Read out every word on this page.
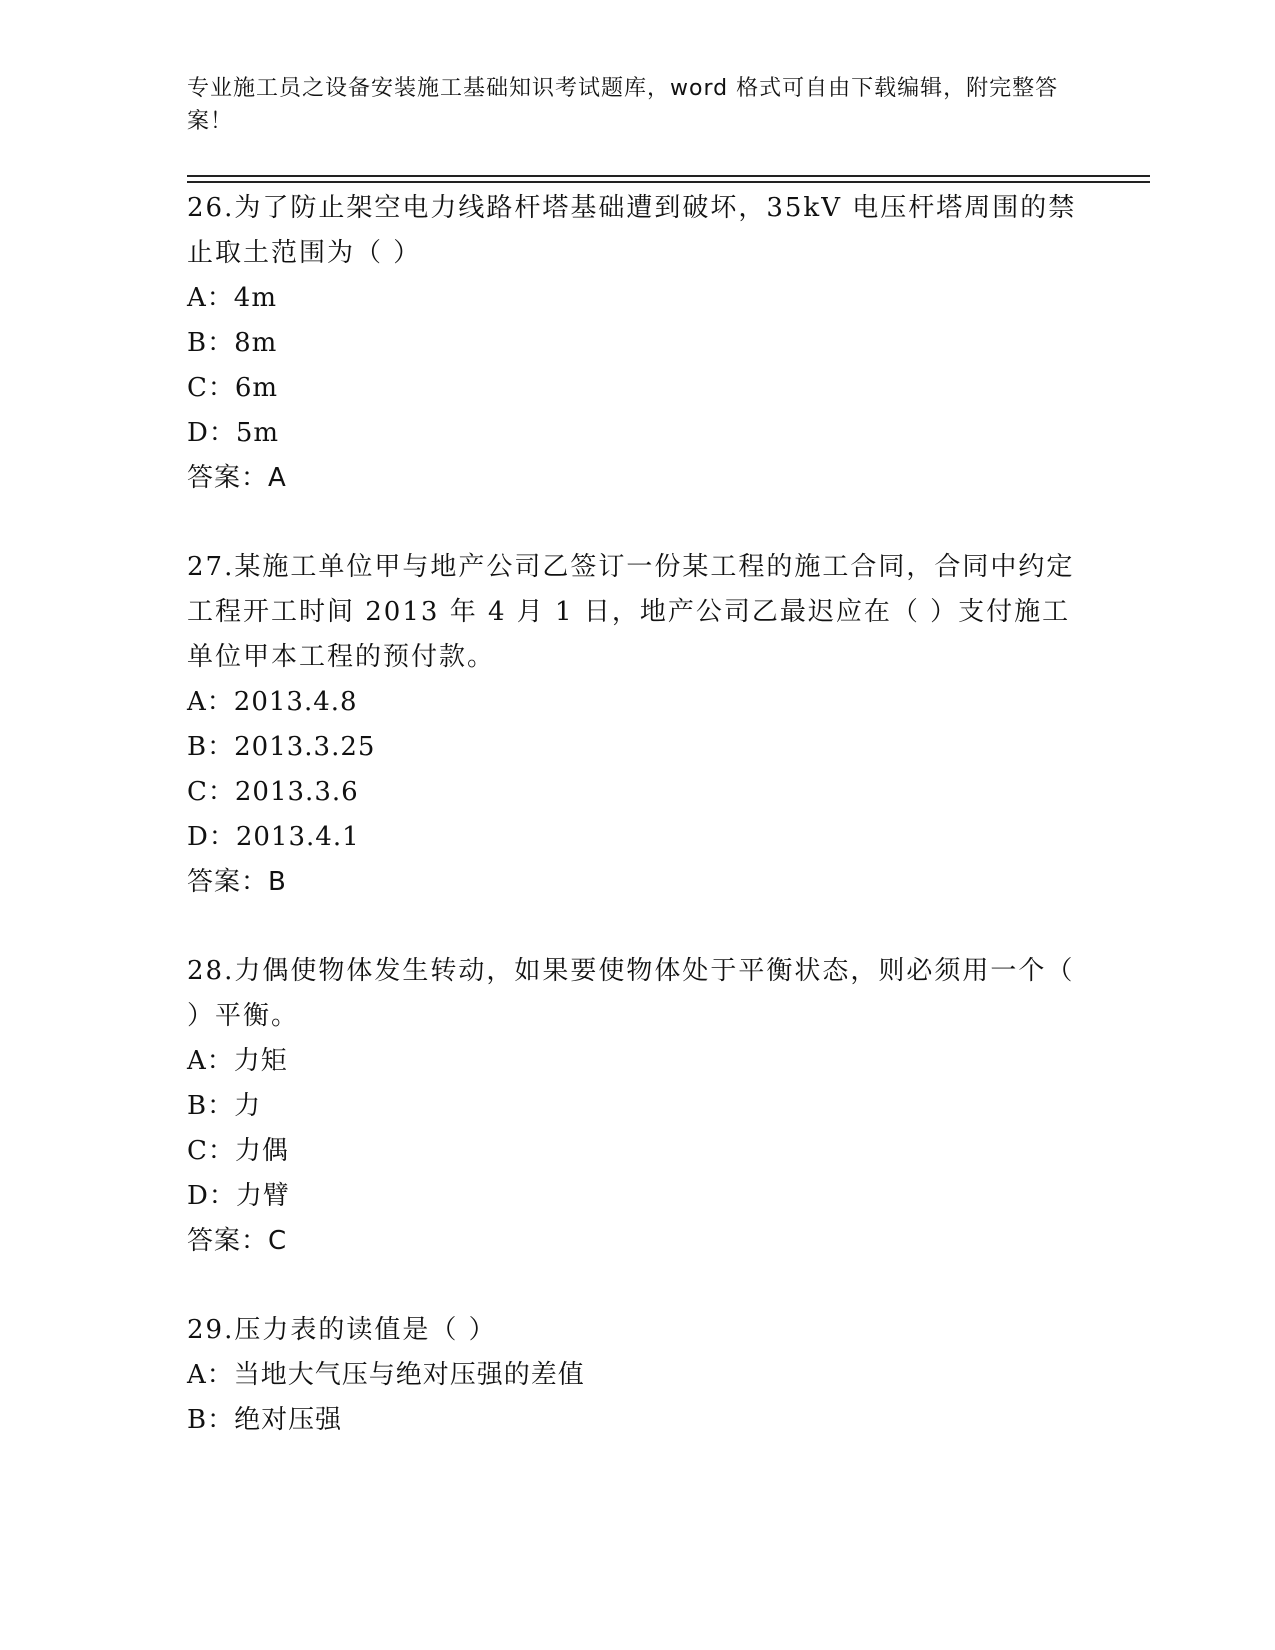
专业施工员之设备安装施工基础知识考试题库，word 格式可自由下载编辑，附完整答案！

26.为了防止架空电力线路杆塔基础遭到破坏，35kV 电压杆塔周围的禁止取土范围为（ ）

A：4m

B：8m

C：6m

D：5m

答案：A

27.某施工单位甲与地产公司乙签订一份某工程的施工合同，合同中约定工程开工时间 2013 年 4 月 1 日，地产公司乙最迟应在（ ）支付施工单位甲本工程的预付款。

A：2013.4.8

B：2013.3.25

C：2013.3.6

D：2013.4.1

答案：B

28.力偶使物体发生转动，如果要使物体处于平衡状态，则必须用一个（ ）平衡。

A：力矩

B：力

C：力偶

D：力臂

答案：C

29.压力表的读值是（ ）

A：当地大气压与绝对压强的差值

B：绝对压强
